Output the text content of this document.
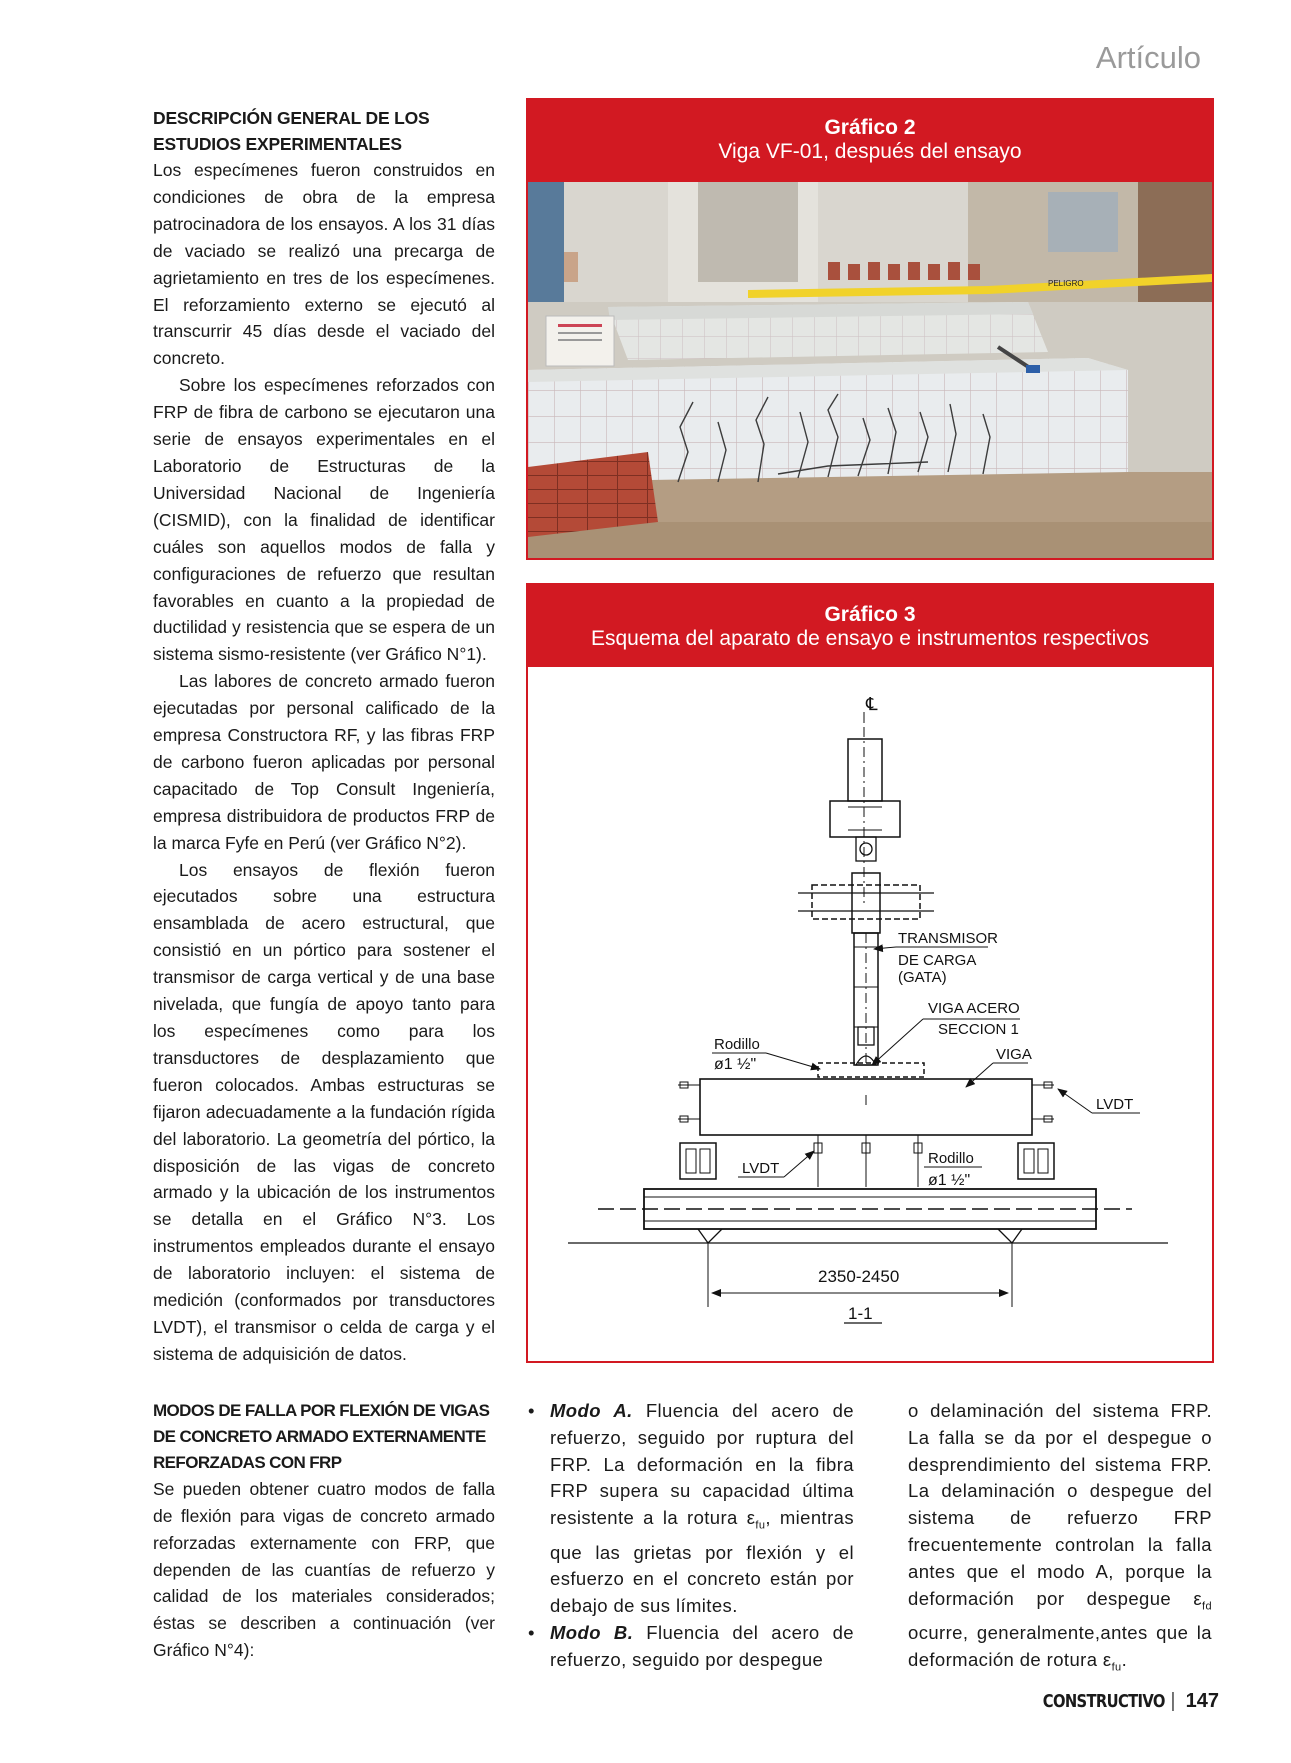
Artículo

DESCRIPCIÓN GENERAL DE LOS ESTUDIOS EXPERIMENTALES

Los especímenes fueron construidos en condiciones de obra de la empresa patrocinadora de los ensayos. A los 31 días de vaciado se realizó una precarga de agrietamiento en tres de los especímenes. El reforzamiento externo se ejecutó al transcurrir 45 días desde el vaciado del concreto.

Sobre los especímenes reforzados con FRP de fibra de carbono se ejecutaron una serie de ensayos experimentales en el Laboratorio de Estructuras de la Universidad Nacional de Ingeniería (CISMID), con la finalidad de identificar cuáles son aquellos modos de falla y configuraciones de refuerzo que resultan favorables en cuanto a la propiedad de ductilidad y resistencia que se espera de un sistema sismo-resistente (ver Gráfico N°1).

Las labores de concreto armado fueron ejecutadas por personal calificado de la empresa Constructora RF, y las fibras FRP de carbono fueron aplicadas por personal capacitado de Top Consult Ingeniería, empresa distribuidora de productos FRP de la marca Fyfe en Perú (ver Gráfico N°2).

Los ensayos de flexión fueron ejecutados sobre una estructura ensamblada de acero estructural, que consistió en un pórtico para sostener el transmisor de carga vertical y de una base nivelada, que fungía de apoyo tanto para los especímenes como para los transductores de desplazamiento que fueron colocados. Ambas estructuras se fijaron adecuadamente a la fundación rígida del laboratorio. La geometría del pórtico, la disposición de las vigas de concreto armado y la ubicación de los instrumentos se detalla en el Gráfico N°3. Los instrumentos empleados durante el ensayo de laboratorio incluyen: el sistema de medición (conformados por transductores LVDT), el transmisor o celda de carga y el sistema de adquisición de datos.

MODOS DE FALLA POR FLEXIÓN DE VIGAS DE CONCRETO ARMADO EXTERNAMENTE REFORZADAS CON FRP

Se pueden obtener cuatro modos de falla de flexión para vigas de concreto armado reforzadas externamente con FRP, que dependen de las cuantías de refuerzo y calidad de los materiales considerados; éstas se describen a continuación (ver Gráfico N°4):

Gráfico 2
Viga VF-01, después del ensayo
PELIGRO
Gráfico 3
Esquema del aparato de ensayo e instrumentos respectivos
℄
TRANSMISOR
DE CARGA
(GATA)
VIGA ACERO
SECCION 1
VIGA
Rodillo
ø1 ½"
LVDT
LVDT
Rodillo
ø1 ½"
2350-2450
1-1

• Modo A. Fluencia del acero de refuerzo, seguido por ruptura del FRP. La deformación en la fibra FRP supera su capacidad última resistente a la rotura $\varepsilon_{fu}$, mientras que las grietas por flexión y el esfuerzo en el concreto están por debajo de sus límites.

• Modo B. Fluencia del acero de refuerzo, seguido por despegue

o delaminación del sistema FRP. La falla se da por el despegue o desprendimiento del sistema FRP. La delaminación o despegue del sistema de refuerzo FRP frecuentemente controlan la falla antes que el modo A, porque la deformación por despegue $\varepsilon_{fd}$ ocurre, generalmente,antes que la deformación de rotura $\varepsilon_{fu}$.

CONSTRUCTIVO | 147
